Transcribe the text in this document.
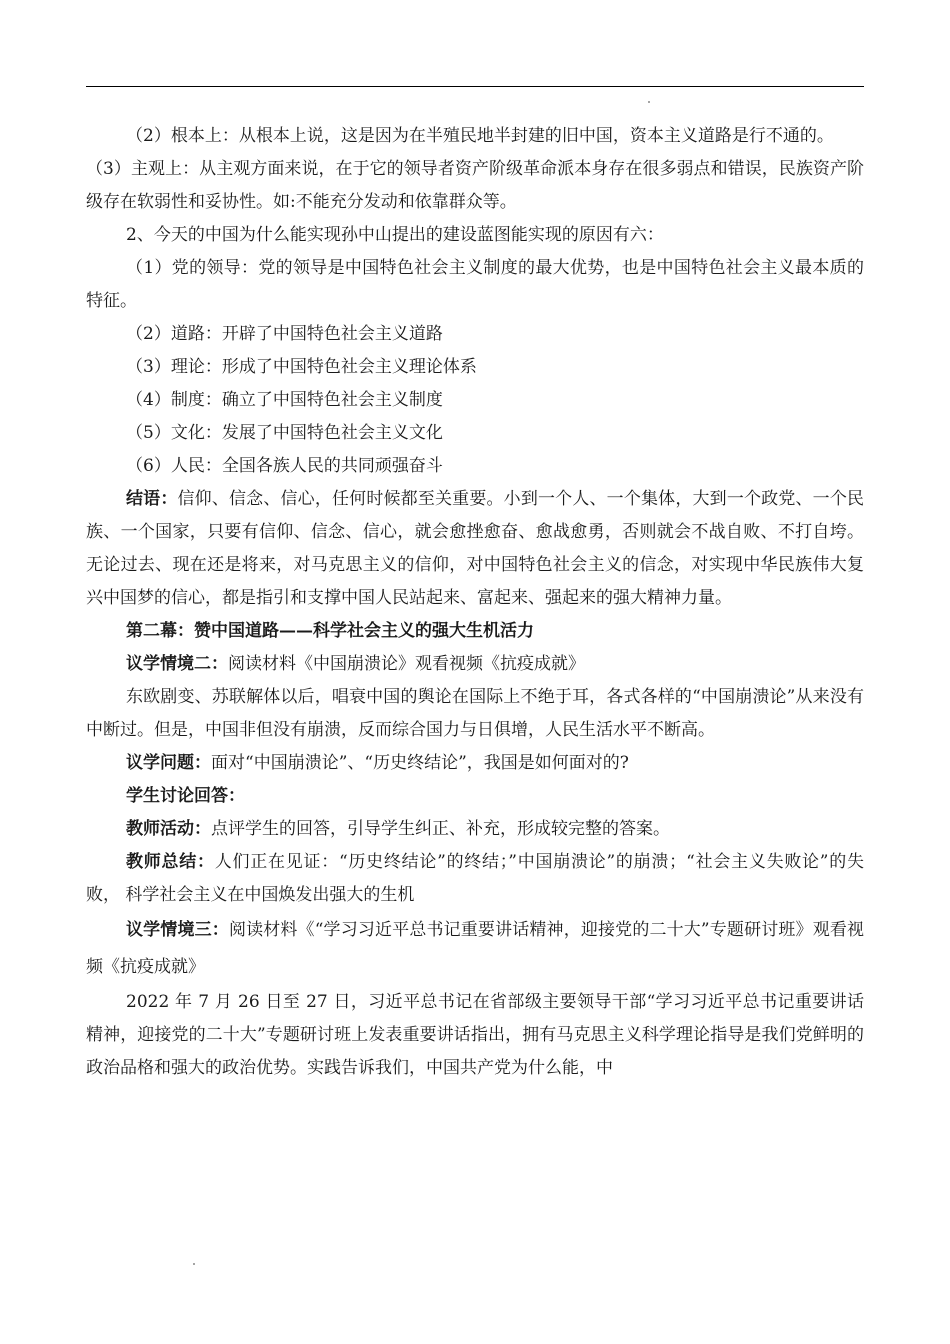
（2）根本上：从根本上说，这是因为在半殖民地半封建的旧中国，资本主义道路是行不通的。

（3）主观上：从主观方面来说，在于它的领导者资产阶级革命派本身存在很多弱点和错误，民族资产阶级存在软弱性和妥协性。如:不能充分发动和依靠群众等。

2、今天的中国为什么能实现孙中山提出的建设蓝图能实现的原因有六：

（1）党的领导：党的领导是中国特色社会主义制度的最大优势，也是中国特色社会主义最本质的特征。

（2）道路：开辟了中国特色社会主义道路

（3）理论：形成了中国特色社会主义理论体系

（4）制度：确立了中国特色社会主义制度

（5）文化：发展了中国特色社会主义文化

（6）人民：全国各族人民的共同顽强奋斗

结语：信仰、信念、信心，任何时候都至关重要。小到一个人、一个集体，大到一个政党、一个民族、一个国家，只要有信仰、信念、信心，就会愈挫愈奋、愈战愈勇，否则就会不战自败、不打自垮。无论过去、现在还是将来，对马克思主义的信仰，对中国特色社会主义的信念，对实现中华民族伟大复兴中国梦的信心，都是指引和支撑中国人民站起来、富起来、强起来的强大精神力量。

第二幕：赞中国道路——科学社会主义的强大生机活力

议学情境二：阅读材料《中国崩溃论》观看视频《抗疫成就》

东欧剧变、苏联解体以后，唱衰中国的舆论在国际上不绝于耳，各式各样的“中国崩溃论”从来没有中断过。但是，中国非但没有崩溃，反而综合国力与日俱增，人民生活水平不断高。

议学问题：面对“中国崩溃论”、“历史终结论”，我国是如何面对的?

学生讨论回答：

教师活动：点评学生的回答，引导学生纠正、补充，形成较完整的答案。

教师总结：人们正在见证：“历史终结论”的终结；”中国崩溃论”的崩溃；“社会主义失败论”的失败， 科学社会主义在中国焕发出强大的生机

议学情境三：阅读材料《“学习习近平总书记重要讲话精神，迎接党的二十大”专题研讨班》观看视频《抗疫成就》

2022 年 7 月 26 日至 27 日，习近平总书记在省部级主要领导干部“学习习近平总书记重要讲话精神，迎接党的二十大”专题研讨班上发表重要讲话指出，拥有马克思主义科学理论指导是我们党鲜明的政治品格和强大的政治优势。实践告诉我们，中国共产党为什么能，中
